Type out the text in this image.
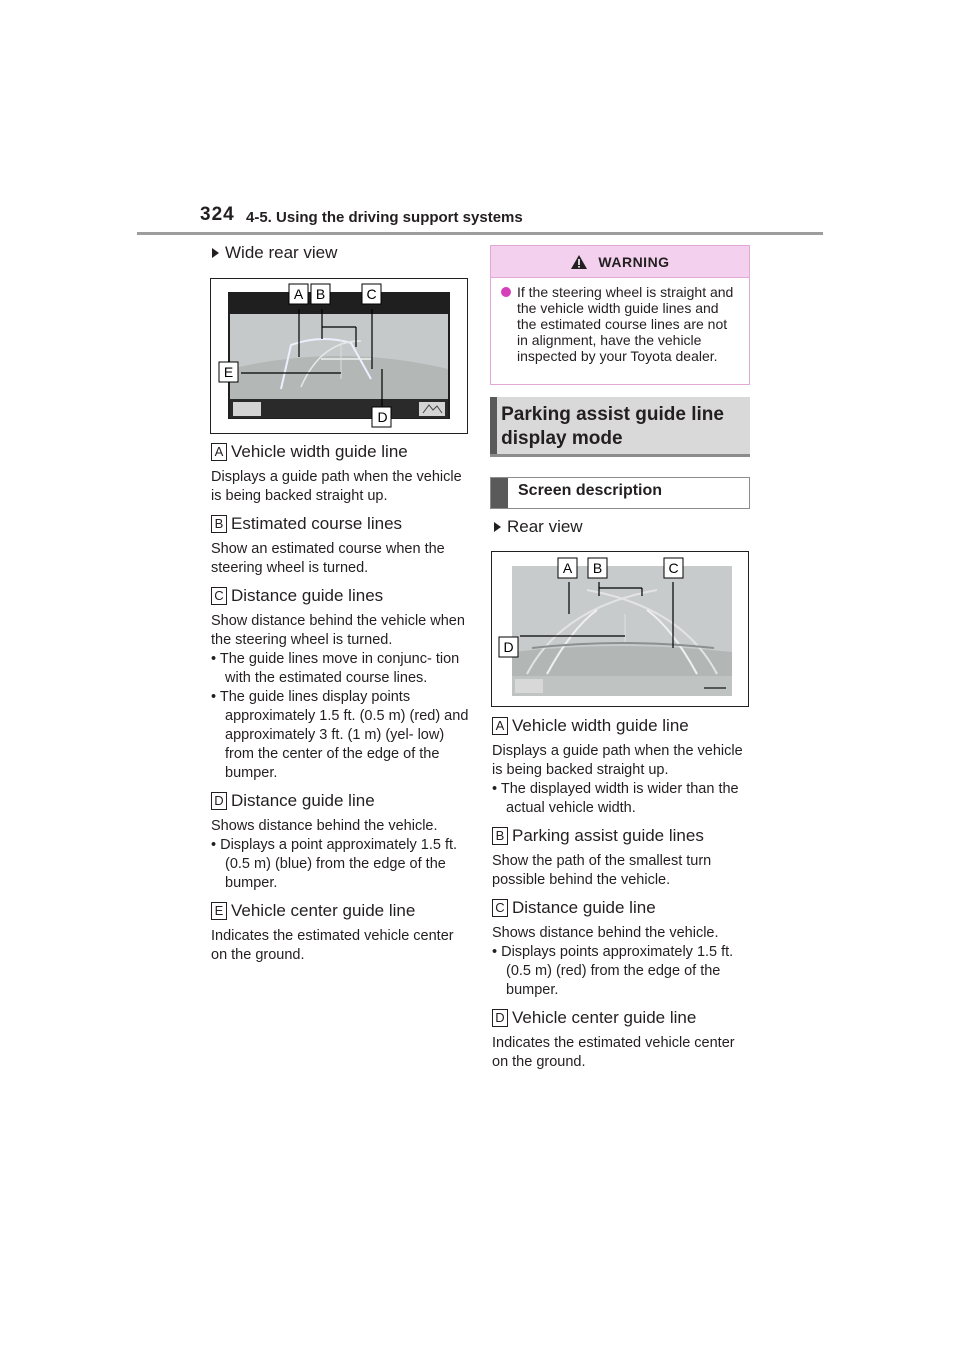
324 4-5. Using the driving support systems
Wide rear view
A B	C
D
E
A Vehicle width guide line
Displays a guide path when the vehicle is being backed straight up.
B Estimated course lines
Show an estimated course when the steering wheel is turned.
C Distance guide lines
Show distance behind the vehicle when the steering wheel is turned.
• The guide lines move in conjunc- tion with the estimated course lines.
• The guide lines display points approximately 1.5 ft. (0.5 m) (red) and approximately 3 ft. (1 m) (yel- low) from the center of the edge of the bumper.
D Distance guide line
Shows distance behind the vehicle.
• Displays a point approximately 1.5 ft. (0.5 m) (blue) from the edge of the bumper.
E Vehicle center guide line
Indicates the estimated vehicle center on the ground.
WARNING
If the steering wheel is straight and the vehicle width guide lines and the estimated course lines are not in alignment, have the vehicle inspected by your Toyota dealer.
Parking assist guide line display mode
Screen description
Rear view
A B	C
D
A Vehicle width guide line
Displays a guide path when the vehicle is being backed straight up.
• The displayed width is wider than the actual vehicle width.
B Parking assist guide lines
Show the path of the smallest turn possible behind the vehicle.
C Distance guide line
Shows distance behind the vehicle.
• Displays points approximately 1.5 ft. (0.5 m) (red) from the edge of the bumper.
D Vehicle center guide line
Indicates the estimated vehicle center on the ground.
